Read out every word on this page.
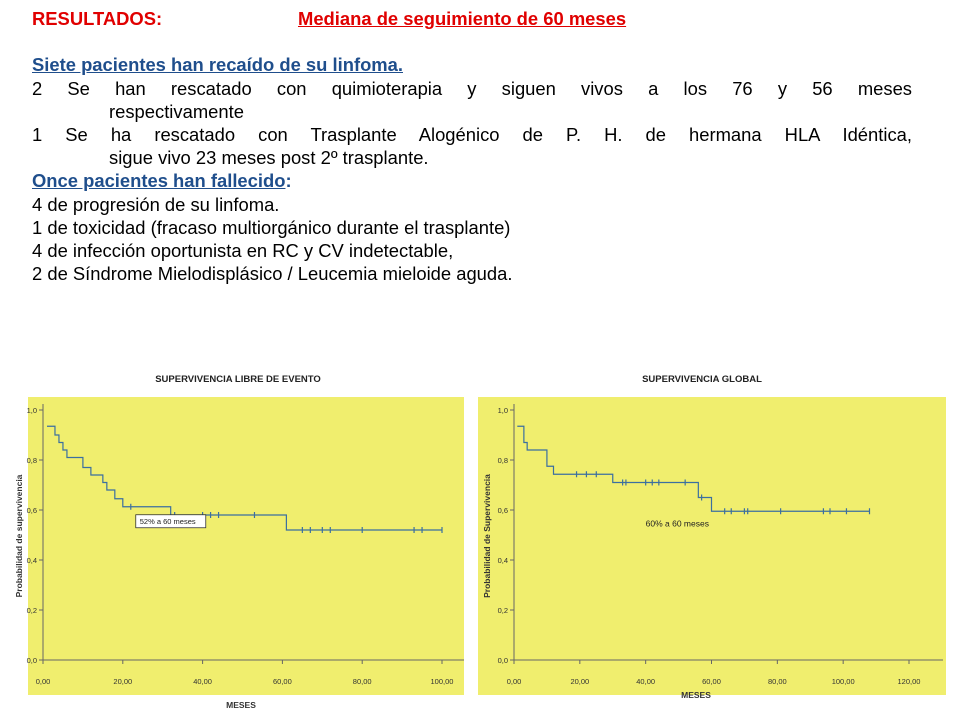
RESULTADOS:	Mediana de seguimiento de 60 meses

Siete pacientes han recaído de su linfoma.

2 Se han rescatado con quimioterapia y siguen vivos a los 76 y 56 meses

respectivamente

1 Se ha rescatado con Trasplante Alogénico de P. H. de hermana HLA Idéntica,

sigue vivo 23 meses post 2º trasplante.

Once pacientes han fallecido:

4 de progresión de su linfoma.

1 de toxicidad (fracaso multiorgánico durante el trasplante)

4 de infección oportunista en RC y CV indetectable,

2 de Síndrome Mielodisplásico / Leucemia mieloide aguda.

SUPERVIVENCIA LIBRE DE EVENTO
0,0
0,2
0,4
0,6
0,8
1,0
0,00	20,00	40,00	60,00	80,00	100,00
MESES
Probabilidad de supervivencia	52% a 60 meses
SUPERVIVENCIA GLOBAL
0,0
0,2
0,4
0,6
0,8
1,0
0,00	20,00	40,00	60,00	80,00	100,00	120,00
MESES
Probabilidad de Supervivencia	60% a 60 meses
